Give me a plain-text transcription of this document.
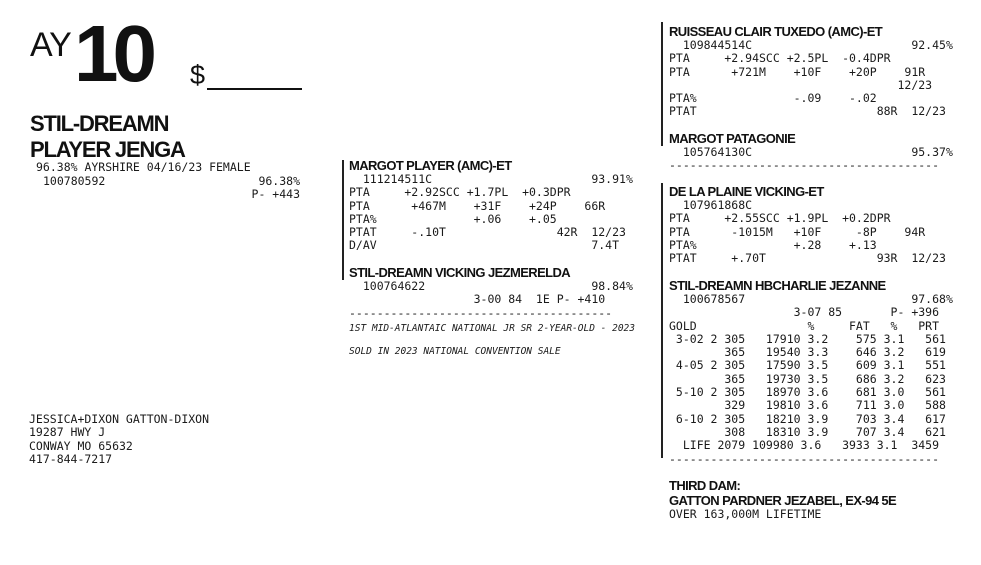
AY 10 $
STIL-DREAMN
PLAYER JENGA
96.38% AYRSHIRE 04/16/23 FEMALE
100780592	96.38%
P- +443
JESSICA+DIXON GATTON-DIXON
19287 HWY J
CONWAY MO 65632
417-844-7217
MARGOT PLAYER (AMC)-ET
111214511C                       93.91%
PTA     +2.92SCC +1.7PL  +0.3DPR
PTA      +467M    +31F    +24P    66R
PTA%              +.06    +.05
PTAT     -.10T                42R  12/23
D/AV                               7.4T
STIL-DREAMN VICKING JEZMERELDA
100764622                        98.84%
3-00 84  1E P- +410
--------------------------------------
1ST MID-ATLANTAIC NATIONAL JR SR 2-YEAR-OLD - 2023
SOLD IN 2023 NATIONAL CONVENTION SALE
RUISSEAU CLAIR TUXEDO (AMC)-ET
109844514C                       92.45%
PTA     +2.94SCC +2.5PL  -0.4DPR
PTA      +721M    +10F    +20P    91R
12/23
PTA%              -.09    -.02
PTAT                          88R  12/23
MARGOT PATAGONIE
105764130C                       95.37%
---------------------------------------
DE LA PLAINE VICKING-ET
107961868C
PTA     +2.55SCC +1.9PL  +0.2DPR
PTA      -1015M   +10F     -8P    94R
PTA%              +.28    +.13
PTAT     +.70T                93R  12/23
STIL-DREAMN HBCHARLIE JEZANNE
100678567                        97.68%
3-07 85       P- +396
GOLD                %     FAT   %   PRT
3-02 2 305   17910 3.2    575 3.1   561
365   19540 3.3    646 3.2   619
4-05 2 305   17590 3.5    609 3.1   551
365   19730 3.5    686 3.2   623
5-10 2 305   18970 3.6    681 3.0   561
329   19810 3.6    711 3.0   588
6-10 2 305   18210 3.9    703 3.4   617
308   18310 3.9    707 3.4   621
LIFE 2079 109980 3.6   3933 3.1  3459
---------------------------------------
THIRD DAM:
GATTON PARDNER JEZABEL, EX-94 5E
OVER 163,000M LIFETIME
